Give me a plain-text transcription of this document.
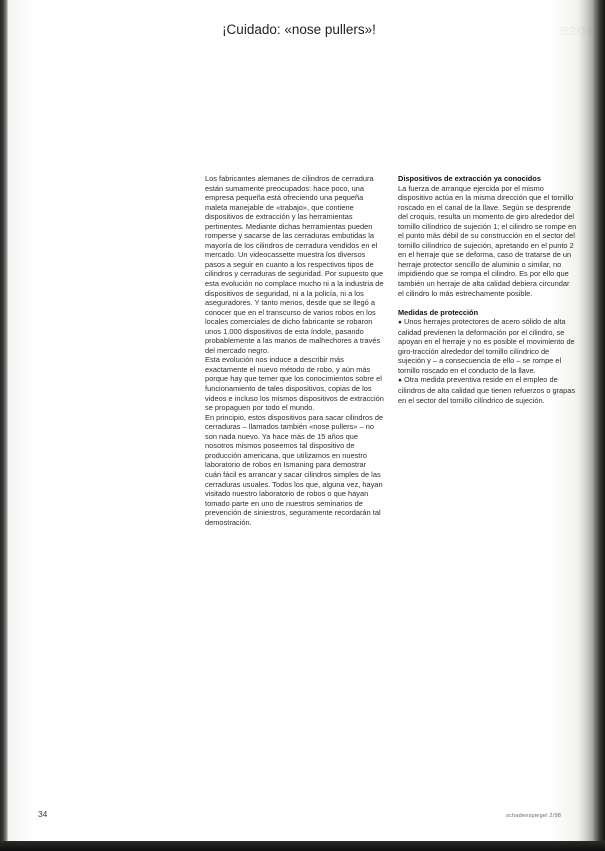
nose
¡Cuidado: «nose pullers»!

Los fabricantes alemanes de cilindros de cerradura están sumamente preocupados: hace poco, una empresa pequeña está ofreciendo una pequeña maleta manejable de «trabajo», que contiene dispositivos de extracción y las herramientas pertinentes. Mediante dichas herramientas pueden romperse y sacarse de las cerraduras embutidas la mayoría de los cilindros de cerradura vendidos en el mercado. Un videocassette muestra los diversos pasos a seguir en cuanto a los respectivos tipos de cilindros y cerraduras de seguridad. Por supuesto que esta evolución no complace mucho ni a la industria de dispositivos de seguridad, ni a la policía, ni a los aseguradores. Y tanto menos, desde que se llegó a conocer que en el transcurso de varios robos en los locales comerciales de dicho fabricante se robaron unos 1.000 dispositivos de esta índole, pasando probablemente a las manos de malhechores a través del mercado negro.

Esta evolución nos induce a describir más exactamente el nuevo método de robo, y aún más porque hay que temer que los conocimientos sobre el funcionamiento de tales dispositivos, copias de los videos e incluso los mismos dispositivos de extracción se propaguen por todo el mundo.

En principio, estos dispositivos para sacar cilindros de cerraduras – llamados también «nose pullers» – no son nada nuevo. Ya hace más de 15 años que nosotros mismos poseemos tal dispositivo de producción americana, que utilizamos en nuestro laboratorio de robos en Ismaning para demostrar cuán fácil es arrancar y sacar cilindros simples de las cerraduras usuales. Todos los que, alguna vez, hayan visitado nuestro laboratorio de robos o que hayan tomado parte en uno de nuestros seminarios de prevención de siniestros, seguramente recordarán tal demostración.

Dispositivos de extracción ya conocidos

La fuerza de arranque ejercida por el mismo dispositivo actúa en la misma dirección que el tornillo roscado en el canal de la llave. Según se desprende del croquis, resulta un momento de giro alrededor del tornillo cilíndrico de sujeción 1; el cilindro se rompe en el punto más débil de su construcción en el sector del tornillo cilíndrico de sujeción, apretando en el punto 2 en el herraje que se deforma, caso de tratarse de un herraje protector sencillo de aluminio o similar, no impidiendo que se rompa el cilindro. Es por ello que también un herraje de alta calidad debiera circundar el cilindro lo más estrechamente posible.

Medidas de protección

● Unos herrajes protectores de acero sólido de alta calidad previenen la deformación por el cilindro, se apoyan en el herraje y no es posible el movimiento de giro-tracción alrededor del tornillo cilíndrico de sujeción y – a consecuencia de ello – se rompe el tornillo roscado en el conducto de la llave.

● Otra medida preventiva reside en el empleo de cilindros de alta calidad que tienen refuerzos o grapas en el sector del tornillo cilíndrico de sujeción.

34	schadenspiegel 2/98
